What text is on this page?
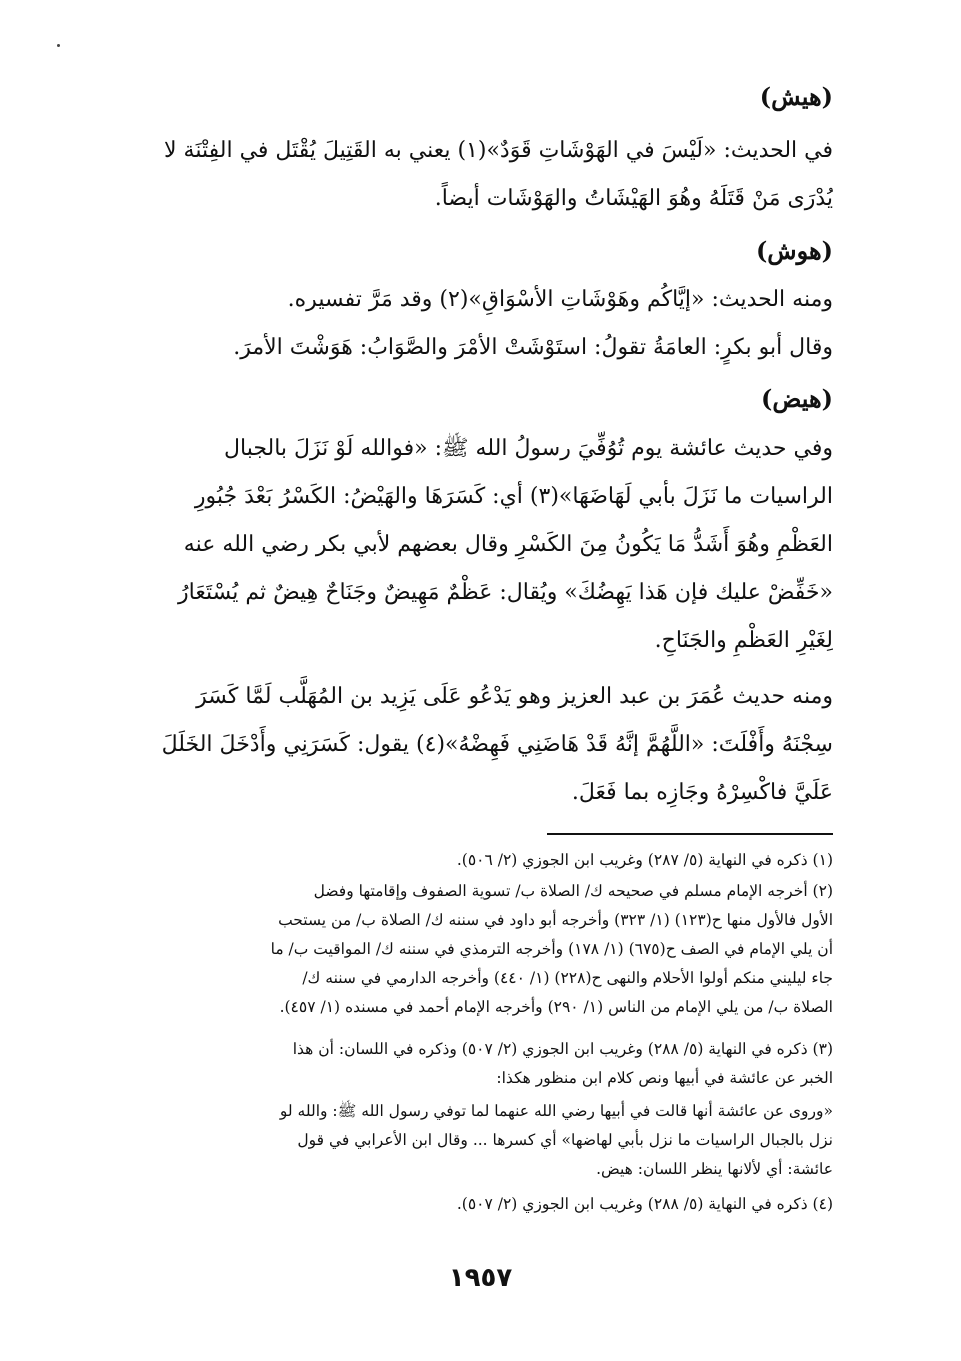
(هيش)
في الحديث: «لَيْسَ في الهَوْشَاتِ قَوَدٌ»(١) يعني به القَتِيلَ يُقْتَل في الفِتْنَة لا
يُدْرَى مَنْ قَتَلَهُ وهُوَ الهَيْشَاتُ والهَوْشَات أيضاً.
(هوش)
ومنه الحديث: «إيَّاكُم وهَوْشَاتِ الأسْوَاقِ»(٢) وقد مَرَّ تفسيره.
وقال أبو بكرٍ: العامَةُ تقولُ: استَوْشَتْ الأمْرَ والصَّوَابُ: هَوَشْتَ الأمرَ.
(هيض)
وفي حديث عائشة يوم تُوُفِّيَ رسولُ الله ﷺ: «فوالله لَوْ نَزَلَ بالجبال
الراسيات ما نَزَلَ بأبي لَهَاضَهَا»(٣) أي: كَسَرَهَا والهَيْضُ: الكَسْرُ بَعْدَ جُبُورِ
العَظْمِ وهُوَ أَشَدُّ مَا يَكُونُ مِنَ الكَسْرِ وقال بعضهم لأبي بكر رضي الله عنه
«خَفِّضْ عليك فإن هَذا يَهِضُكَ» ويُقال: عَظْمٌ مَهِيضٌ وجَنَاحٌ هِيضٌ ثم يُسْتَعَارُ
لِغَيْرِ العَظْمِ والجَنَاحِ.
ومنه حديث عُمَرَ بن عبد العزيز وهو يَدْعُو عَلَى يَزِيد بن المُهَلَّب لَمَّا كَسَرَ
سِجْنَهُ وأَفْلَتَ: «اللَّهُمَّ إنَّهُ قَدْ هَاضَنِي فَهِضْهُ»(٤) يقول: كَسَرَنِي وأَدْخَلَ الخَلَلَ
عَلَيَّ فاكْسِرْهُ وجَازِه بما فَعَلَ.
(١) ذكره في النهاية (٥/ ٢٨٧) وغريب ابن الجوزي (٢/ ٥٠٦).
(٢) أخرجه الإمام مسلم في صحيحه ك/ الصلاة ب/ تسوية الصفوف وإقامتها وفضل
الأول فالأول منها ح(١٢٣) (١/ ٣٢٣) وأخرجه أبو داود في سننه ك/ الصلاة ب/ من يستحب
أن يلي الإمام في الصف ح(٦٧٥) (١/ ١٧٨) وأخرجه الترمذي في سننه ك/ المواقيت ب/ ما
جاء ليليني منكم أولوا الأحلام والنهى ح(٢٢٨) (١/ ٤٤٠) وأخرجه الدارمي في سننه ك/
الصلاة ب/ من يلي الإمام من الناس (١/ ٢٩٠) وأخرجه الإمام أحمد في مسنده (١/ ٤٥٧).
(٣) ذكره في النهاية (٥/ ٢٨٨) وغريب ابن الجوزي (٢/ ٥٠٧) وذكره في اللسان: أن هذا
الخبر عن عائشة في أبيها ونص كلام ابن منظور هكذا:
«وروى عن عائشة أنها قالت في أبيها رضي الله عنهما لما توفي رسول الله ﷺ: والله لو
نزل بالجبال الراسيات ما نزل بأبي لهاضها» أي كسرها ... وقال ابن الأعرابي في قول
عائشة: أي لألانها ينظر اللسان: هيض.
(٤) ذكره في النهاية (٥/ ٢٨٨) وغريب ابن الجوزي (٢/ ٥٠٧).
١٩٥٧
